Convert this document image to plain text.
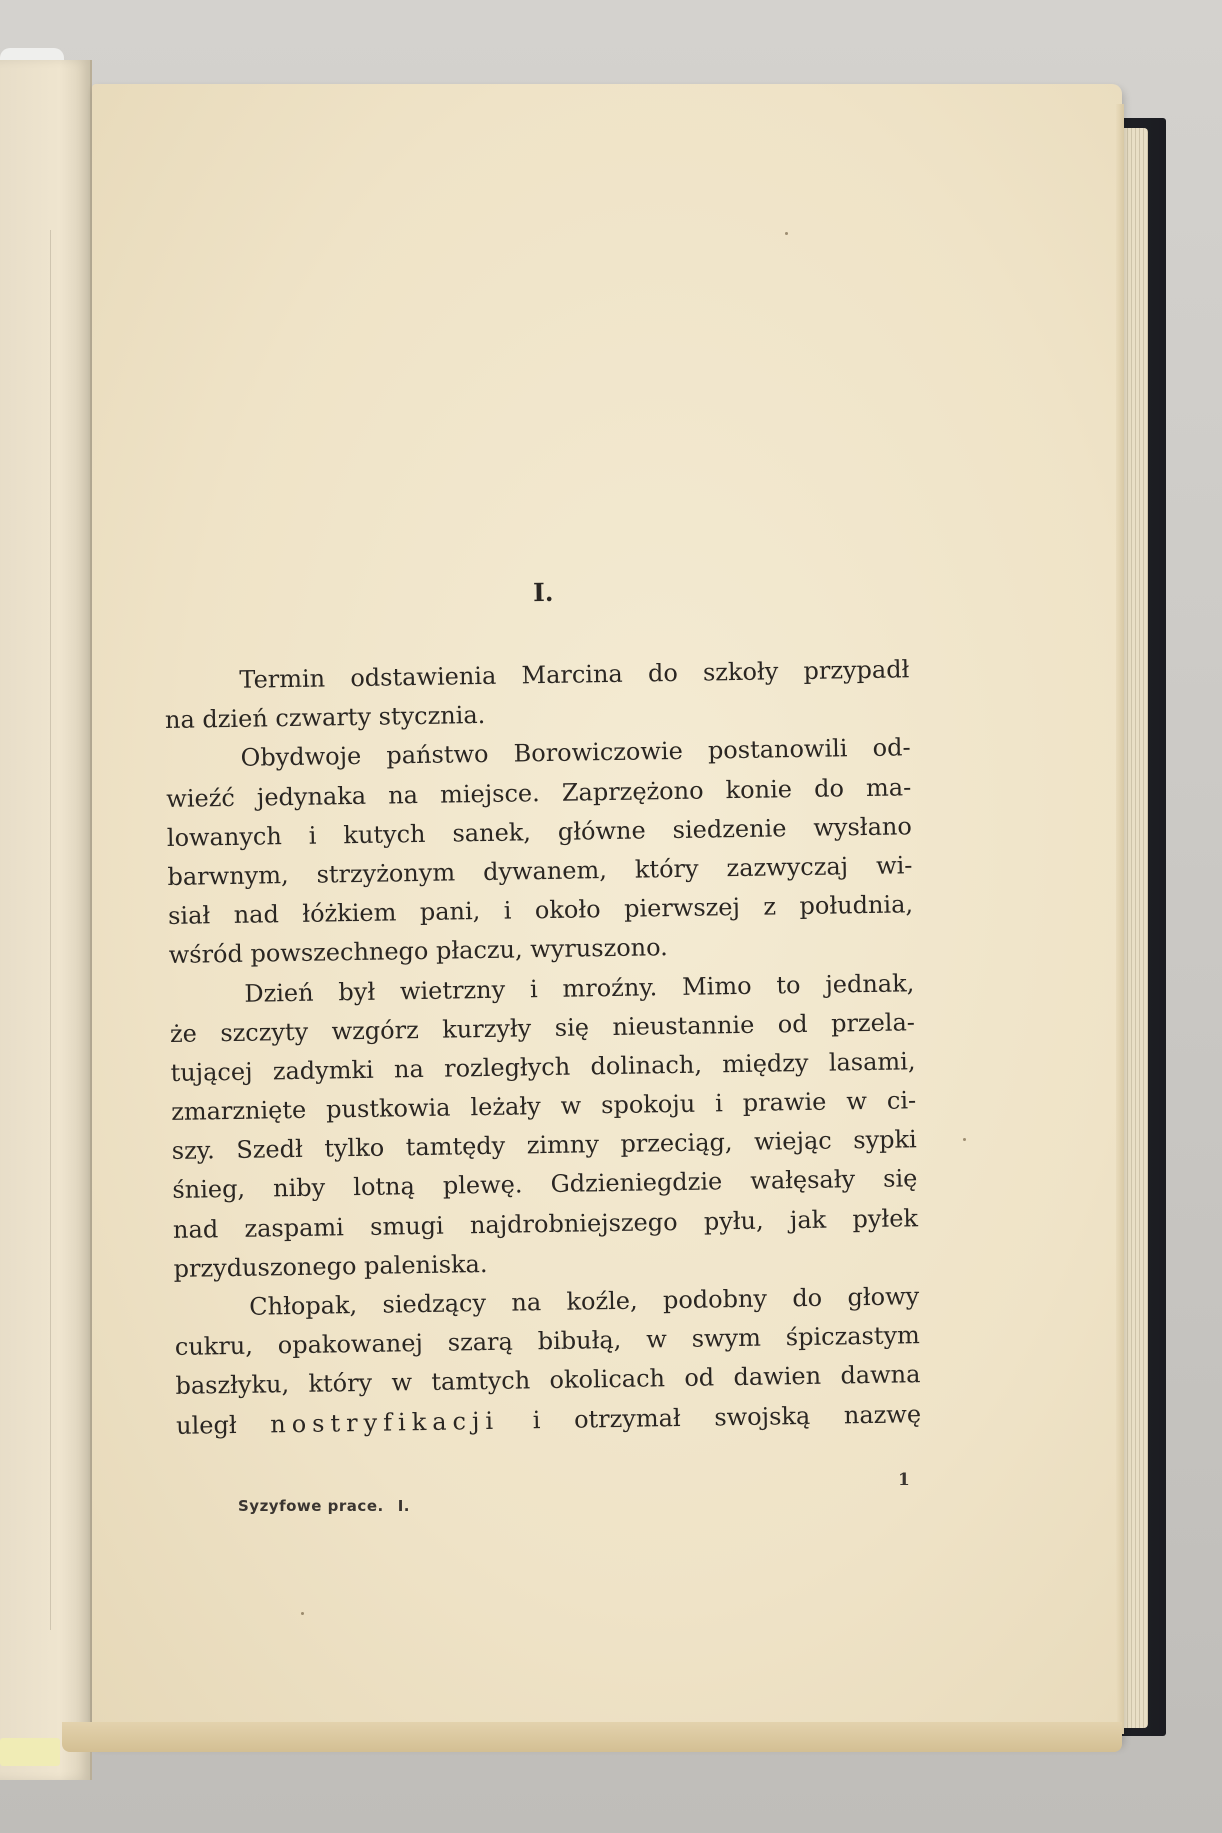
I.
Termin odstawienia Marcina do szkoły przypadł
na dzień czwarty stycznia.
Obydwoje państwo Borowiczowie postanowili od-
wieźć jedynaka na miejsce. Zaprzężono konie do ma-
lowanych i kutych sanek, główne siedzenie wysłano
barwnym, strzyżonym dywanem, który zazwyczaj wi-
siał nad łóżkiem pani, i około pierwszej z południa,
wśród powszechnego płaczu, wyruszono.
Dzień był wietrzny i mroźny. Mimo to jednak,
że szczyty wzgórz kurzyły się nieustannie od przela-
tującej zadymki na rozległych dolinach, między lasami,
zmarznięte pustkowia leżały w spokoju i prawie w ci-
szy. Szedł tylko tamtędy zimny przeciąg, wiejąc sypki
śnieg, niby lotną plewę. Gdzieniegdzie wałęsały się
nad zaspami smugi najdrobniejszego pyłu, jak pyłek
przyduszonego paleniska.
Chłopak, siedzący na koźle, podobny do głowy
cukru, opakowanej szarą bibułą, w swym śpiczastym
baszłyku, który w tamtych okolicach od dawien dawna
uległ nostryfikacji i otrzymał swojską nazwę
Syzyfowe prace. I.
1
